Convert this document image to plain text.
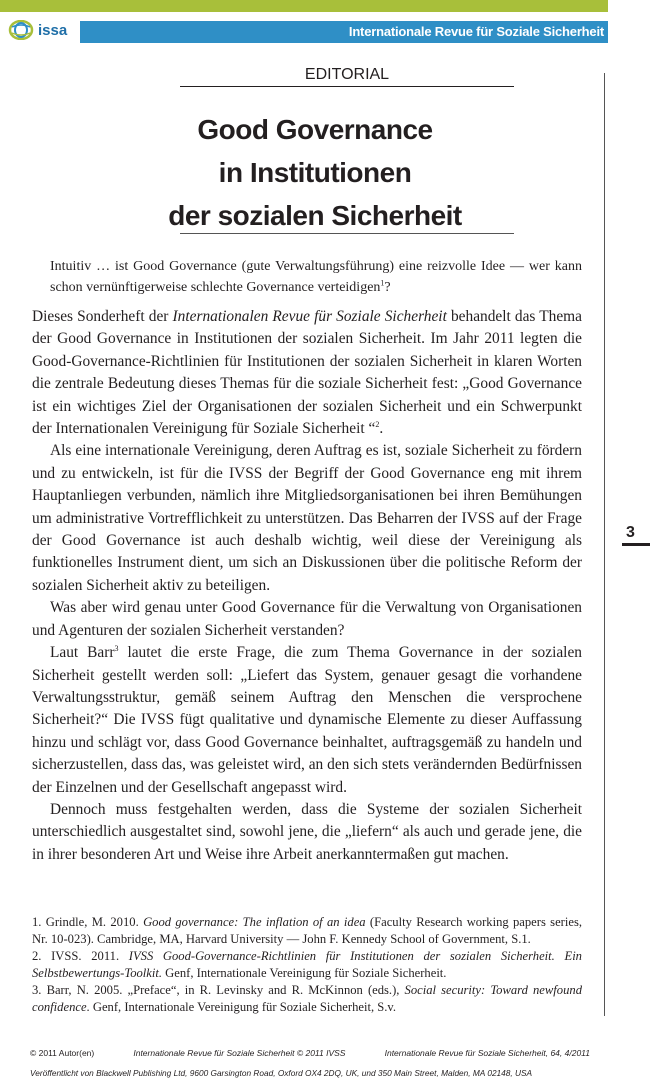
issa	Internationale Revue für Soziale Sicherheit
EDITORIAL
Good Governance
in Institutionen
der sozialen Sicherheit
Intuitiv … ist Good Governance (gute Verwaltungsführung) eine reizvolle Idee — wer kann schon vernünftigerweise schlechte Governance verteidigen$^1$?

Dieses Sonderheft der Internationalen Revue für Soziale Sicherheit behandelt das Thema der Good Governance in Institutionen der sozialen Sicherheit. Im Jahr 2011 legten die Good-Governance-Richtlinien für Institutionen der sozialen Sicherheit in klaren Worten die zentrale Bedeutung dieses Themas für die soziale Sicherheit fest: „Good Governance ist ein wichtiges Ziel der Organisationen der sozialen Sicherheit und ein Schwerpunkt der Internationalen Vereinigung für Soziale Sicherheit “$^2$.

Als eine internationale Vereinigung, deren Auftrag es ist, soziale Sicherheit zu fördern und zu entwickeln, ist für die IVSS der Begriff der Good Governance eng mit ihrem Hauptanliegen verbunden, nämlich ihre Mitgliedsorganisationen bei ihren Bemühungen um administrative Vortrefflichkeit zu unterstützen. Das Beharren der IVSS auf der Frage der Good Governance ist auch deshalb wichtig, weil diese der Vereinigung als funktionelles Instrument dient, um sich an Diskussionen über die politische Reform der sozialen Sicherheit aktiv zu beteiligen.

Was aber wird genau unter Good Governance für die Verwaltung von Organisationen und Agenturen der sozialen Sicherheit verstanden?

Laut Barr$^3$ lautet die erste Frage, die zum Thema Governance in der sozialen Sicherheit gestellt werden soll: „Liefert das System, genauer gesagt die vorhandene Verwaltungsstruktur, gemäß seinem Auftrag den Menschen die versprochene Sicherheit?“ Die IVSS fügt qualitative und dynamische Elemente zu dieser Auffassung hinzu und schlägt vor, dass Good Governance beinhaltet, auftragsgemäß zu handeln und sicherzustellen, dass das, was geleistet wird, an den sich stets verändernden Bedürfnissen der Einzelnen und der Gesellschaft angepasst wird.

Dennoch muss festgehalten werden, dass die Systeme der sozialen Sicherheit unterschiedlich ausgestaltet sind, sowohl jene, die „liefern“ als auch und gerade jene, die in ihrer besonderen Art und Weise ihre Arbeit anerkanntermaßen gut machen.

3
1. Grindle, M. 2010. Good governance: The inflation of an idea (Faculty Research working papers series, Nr. 10-023). Cambridge, MA, Harvard University — John F. Kennedy School of Government, S.1.
2. IVSS. 2011. IVSS Good-Governance-Richtlinien für Institutionen der sozialen Sicherheit. Ein Selbstbewertungs-Toolkit. Genf, Internationale Vereinigung für Soziale Sicherheit.
3. Barr, N. 2005. „Preface“, in R. Levinsky and R. McKinnon (eds.), Social security: Toward newfound confidence. Genf, Internationale Vereinigung für Soziale Sicherheit, S.v.
© 2011 Autor(en)	Internationale Revue für Soziale Sicherheit © 2011 IVSS	Internationale Revue für Soziale Sicherheit, 64, 4/2011
Veröffentlicht von Blackwell Publishing Ltd, 9600 Garsington Road, Oxford OX4 2DQ, UK, und 350 Main Street, Malden, MA 02148, USA
